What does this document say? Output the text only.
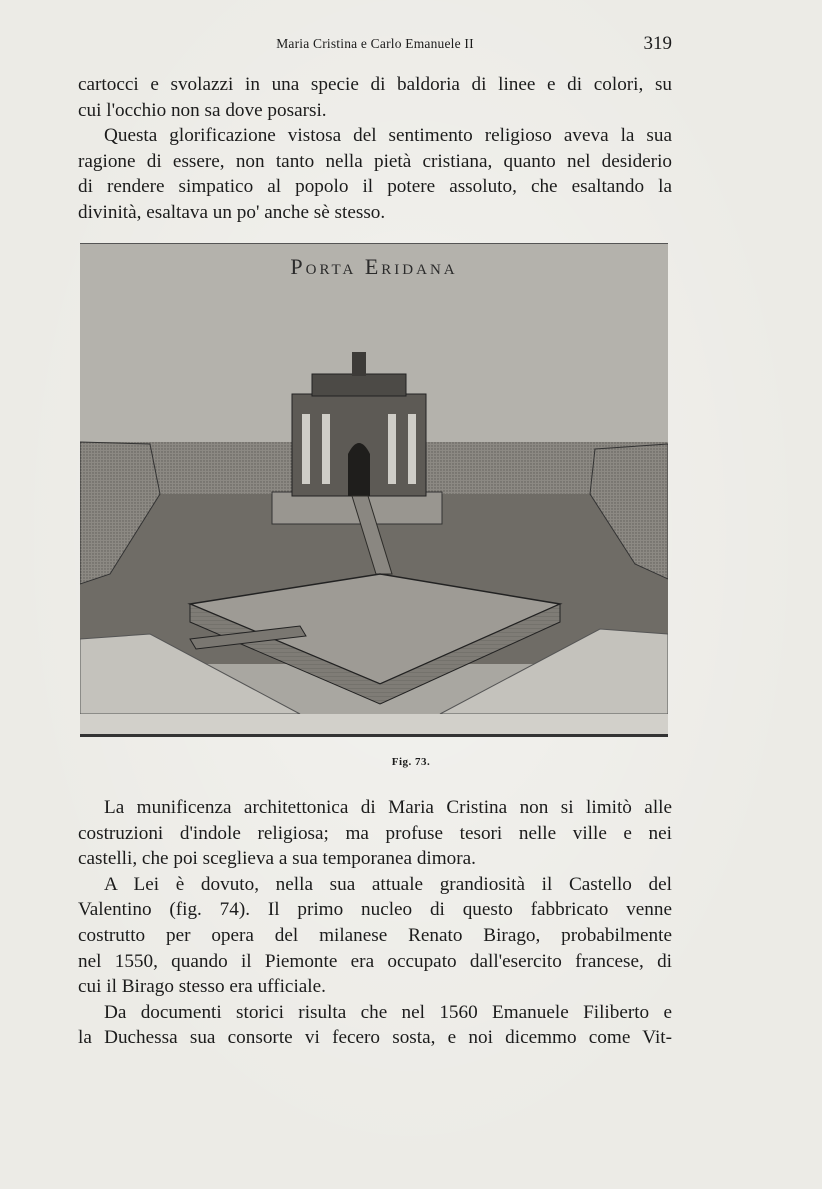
Maria Cristina e Carlo Emanuele II	319
cartocci e svolazzi in una specie di baldoria di linee e di colori, su
cui l'occhio non sa dove posarsi.
Questa glorificazione vistosa del sentimento religioso aveva la sua
ragione di essere, non tanto nella pietà cristiana, quanto nel desiderio
di rendere simpatico al popolo il potere assoluto, che esaltando la
divinità, esaltava un po' anche sè stesso.
Porta Eridana
Fig. 73.
La munificenza architettonica di Maria Cristina non si limitò alle
costruzioni d'indole religiosa; ma profuse tesori nelle ville e nei
castelli, che poi sceglieva a sua temporanea dimora.
A Lei è dovuto, nella sua attuale grandiosità il Castello del
Valentino (fig. 74). Il primo nucleo di questo fabbricato venne
costrutto per opera del milanese Renato Birago, probabilmente
nel 1550, quando il Piemonte era occupato dall'esercito francese, di
cui il Birago stesso era ufficiale.
Da documenti storici risulta che nel 1560 Emanuele Filiberto e
la Duchessa sua consorte vi fecero sosta, e noi dicemmo come Vit-
